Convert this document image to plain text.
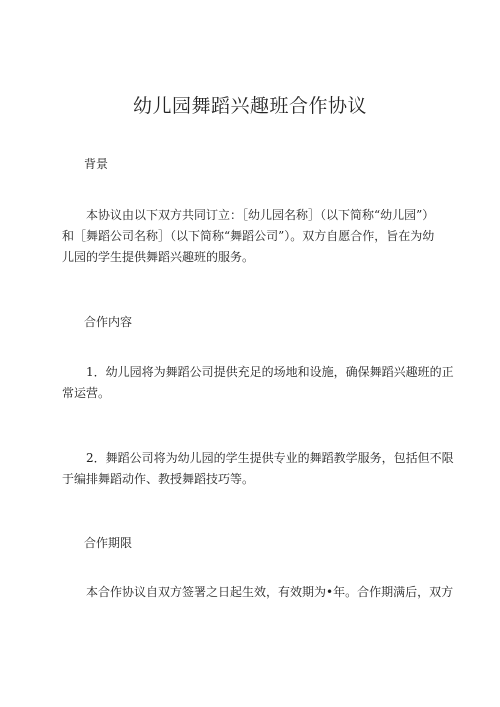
幼儿园舞蹈兴趣班合作协议
背景
　　本协议由以下双方共同订立：［幼儿园名称］（以下简称“幼儿园”）
和［舞蹈公司名称］（以下简称“舞蹈公司”）。双方自愿合作，旨在为幼
儿园的学生提供舞蹈兴趣班的服务。
合作内容
　　1．幼儿园将为舞蹈公司提供充足的场地和设施，确保舞蹈兴趣班的正
常运营。
　　2．舞蹈公司将为幼儿园的学生提供专业的舞蹈教学服务，包括但不限
于编排舞蹈动作、教授舞蹈技巧等。
合作期限
　　本合作协议自双方签署之日起生效，有效期为•年。合作期满后，双方
